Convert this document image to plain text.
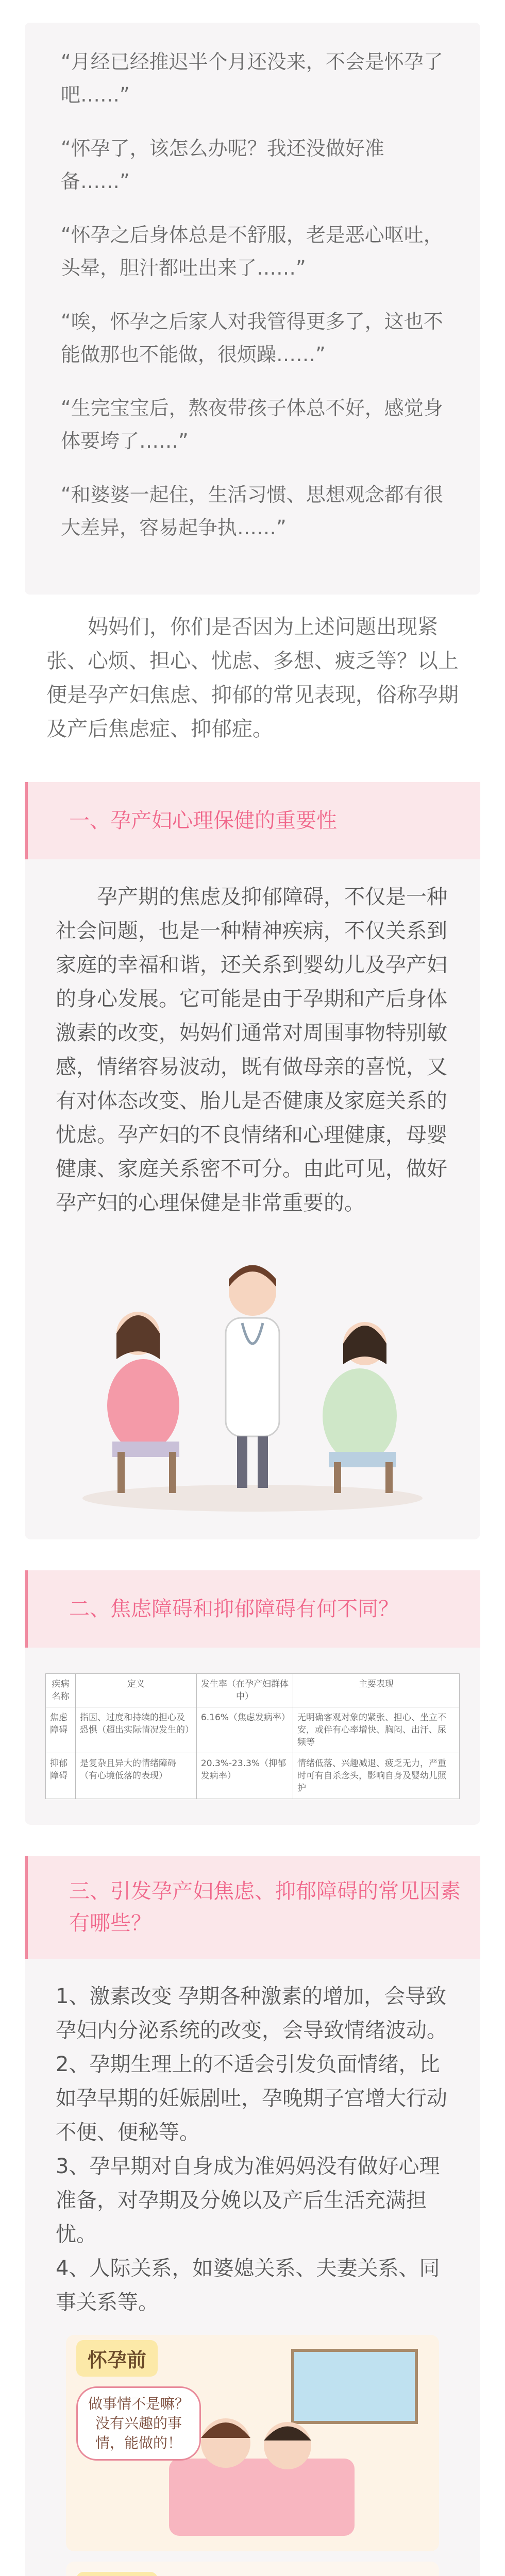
“月经已经推迟半个月还没来，不会是怀孕了吧……”

“怀孕了，该怎么办呢？我还没做好准备……”

“怀孕之后身体总是不舒服，老是恶心呕吐，头晕，胆汁都吐出来了……”

“唉，怀孕之后家人对我管得更多了，这也不能做那也不能做，很烦躁……”

“生完宝宝后，熬夜带孩子体总不好，感觉身体要垮了……”

“和婆婆一起住，生活习惯、思想观念都有很大差异，容易起争执……”

妈妈们，你们是否因为上述问题出现紧张、心烦、担心、忧虑、多想、疲乏等？以上便是孕产妇焦虑、抑郁的常见表现，俗称孕期及产后焦虑症、抑郁症。

一、孕产妇心理保健的重要性

孕产期的焦虑及抑郁障碍，不仅是一种社会问题，也是一种精神疾病，不仅关系到家庭的幸福和谐，还关系到婴幼儿及孕产妇的身心发展。它可能是由于孕期和产后身体激素的改变，妈妈们通常对周围事物特别敏感，情绪容易波动，既有做母亲的喜悦，又有对体态改变、胎儿是否健康及家庭关系的忧虑。孕产妇的不良情绪和心理健康，母婴健康、家庭关系密不可分。由此可见，做好孕产妇的心理保健是非常重要的。

二、焦虑障碍和抑郁障碍有何不同？
疾病名称	定义	发生率（在孕产妇群体中）	主要表现
焦虑障碍	指因、过度和持续的担心及恐惧（超出实际情况发生的）	6.16%（焦虑发病率）	无明确客观对象的紧张、担心、坐立不安，或伴有心率增快、胸闷、出汗、尿频等
抑郁障碍	是复杂且异大的情绪障碍（有心境低落的表现）	20.3%-23.3%（抑郁发病率）	情绪低落、兴趣减退、疲乏无力，严重时可有自杀念头，影响自身及婴幼儿照护
三、引发孕产妇焦虑、抑郁障碍的常见因素有哪些？

1、激素改变 孕期各种激素的增加，会导致孕妇内分泌系统的改变，会导致情绪波动。

2、孕期生理上的不适会引发负面情绪，比如孕早期的妊娠剧吐，孕晚期子宫增大行动不便、便秘等。

3、孕早期对自身成为准妈妈没有做好心理准备，对孕期及分娩以及产后生活充满担忧。

4、人际关系，如婆媳关系、夫妻关系、同事关系等。

怀孕前
做事情不是嘛？没有兴趣的事情，能做的！
